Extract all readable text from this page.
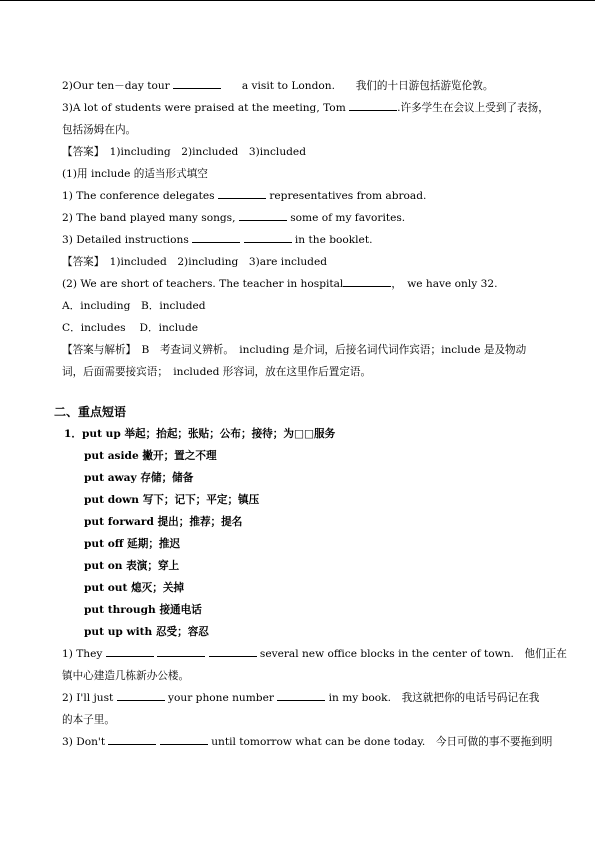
2)Our ten－day tour	a visit to London. 我们的十日游包括游览伦敦。
3)A lot of students were praised at the meeting, Tom	.许多学生在会议上受到了表扬，
包括汤姆在内。
【答案】　1)including　2)included　3)included
(1)用 include 的适当形式填空
1) The conference delegates	representatives from abroad.
2) The band played many songs,	some of my favorites.
3) Detailed instructions	in the booklet.
【答案】　1)included　2)including　3)are included
(2) We are short of teachers. The teacher in hospital	，　we have only 32.
A．including　B．included
C．includes　 D．include
【答案与解析】　B　考查词义辨析。　including 是介词，后接名词代词作宾语；include 是及物动词，后面需要接宾语；　included 形容词，放在这里作后置定语。
二、重点短语
1．put up 举起；抬起；张贴；公布；接待；为□□服务
put aside 撇开；置之不理
put away 存储；储备
put down 写下；记下；平定；镇压
put forward 提出；推荐；提名
put off 延期；推迟
put on 表演；穿上
put out 熄灭；关掉
put through 接通电话
put up with 忍受；容忍
1) They	several new office blocks in the center of town.　他们正在
镇中心建造几栋新办公楼。
2) I'll just	your phone number	in my book.　我这就把你的电话号码记在我
的本子里。
3) Don't	until tomorrow what can be done today.　今日可做的事不要拖到明
